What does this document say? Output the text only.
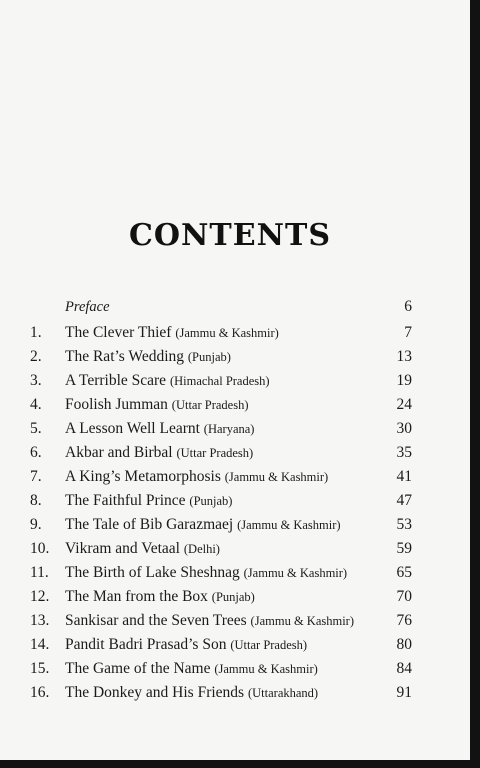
CONTENTS
Preface	6
1.	The Clever Thief (Jammu & Kashmir)	7
2.	The Rat’s Wedding (Punjab)	13
3.	A Terrible Scare (Himachal Pradesh)	19
4.	Foolish Jumman (Uttar Pradesh)	24
5.	A Lesson Well Learnt (Haryana)	30
6.	Akbar and Birbal (Uttar Pradesh)	35
7.	A King’s Metamorphosis (Jammu & Kashmir)	41
8.	The Faithful Prince (Punjab)	47
9.	The Tale of Bib Garazmaej (Jammu & Kashmir)	53
10.	Vikram and Vetaal (Delhi)	59
11.	The Birth of Lake Sheshnag (Jammu & Kashmir)	65
12.	The Man from the Box (Punjab)	70
13.	Sankisar and the Seven Trees (Jammu & Kashmir)	76
14.	Pandit Badri Prasad’s Son (Uttar Pradesh)	80
15.	The Game of the Name (Jammu & Kashmir)	84
16.	The Donkey and His Friends (Uttarakhand)	91
